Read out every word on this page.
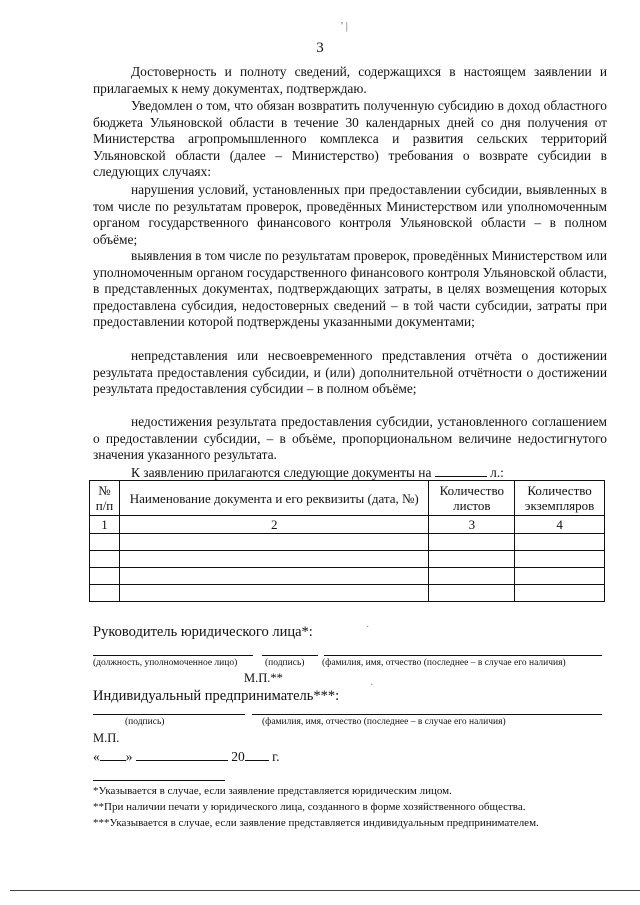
' |
3
Достоверность и полноту сведений, содержащихся в настоящем заявлении и прилагаемых к нему документах, подтверждаю.
Уведомлен о том, что обязан возвратить полученную субсидию в доход областного бюджета Ульяновской области в течение 30 календарных дней со дня получения от Министерства агропромышленного комплекса и развития сельских территорий Ульяновской области (далее – Министерство) требования о возврате субсидии в следующих случаях:
нарушения условий, установленных при предоставлении субсидии, выявленных в том числе по результатам проверок, проведённых Министерством или уполномоченным органом государственного финансового контроля Ульяновской области – в полном объёме;
выявления в том числе по результатам проверок, проведённых Министерством или уполномоченным органом государственного финансового контроля Ульяновской области, в представленных документах, подтверждающих затраты, в целях возмещения которых предоставлена субсидия, недостоверных сведений – в той части субсидии, затраты при предоставлении которой подтверждены указанными документами;
непредставления или несвоевременного представления отчёта о достижении результата предоставления субсидии, и (или) дополнительной отчётности о достижении результата предоставления субсидии – в полном объёме;
недостижения результата предоставления субсидии, установленного соглашением о предоставлении субсидии, – в объёме, пропорциональном величине недостигнутого значения указанного результата.
К заявлению прилагаются следующие документы на	л.:
№ п/п	Наименование документа и его реквизиты (дата, №)	Количество листов	Количество экземпляров
1	2	3	4

Руководитель юридического лица*:	·
(должность, уполномоченное лицо)	(подпись) (фамилия, имя, отчество (последнее – в случае его наличия)
М.П.**
Индивидуальный предприниматель***:
·
(подпись)	(фамилия, имя, отчество (последнее – в случае его наличия)
М.П.
« »	20 г.
*Указывается в случае, если заявление представляется юридическим лицом.
**При наличии печати у юридического лица, созданного в форме хозяйственного общества.
***Указывается в случае, если заявление представляется индивидуальным предпринимателем.
